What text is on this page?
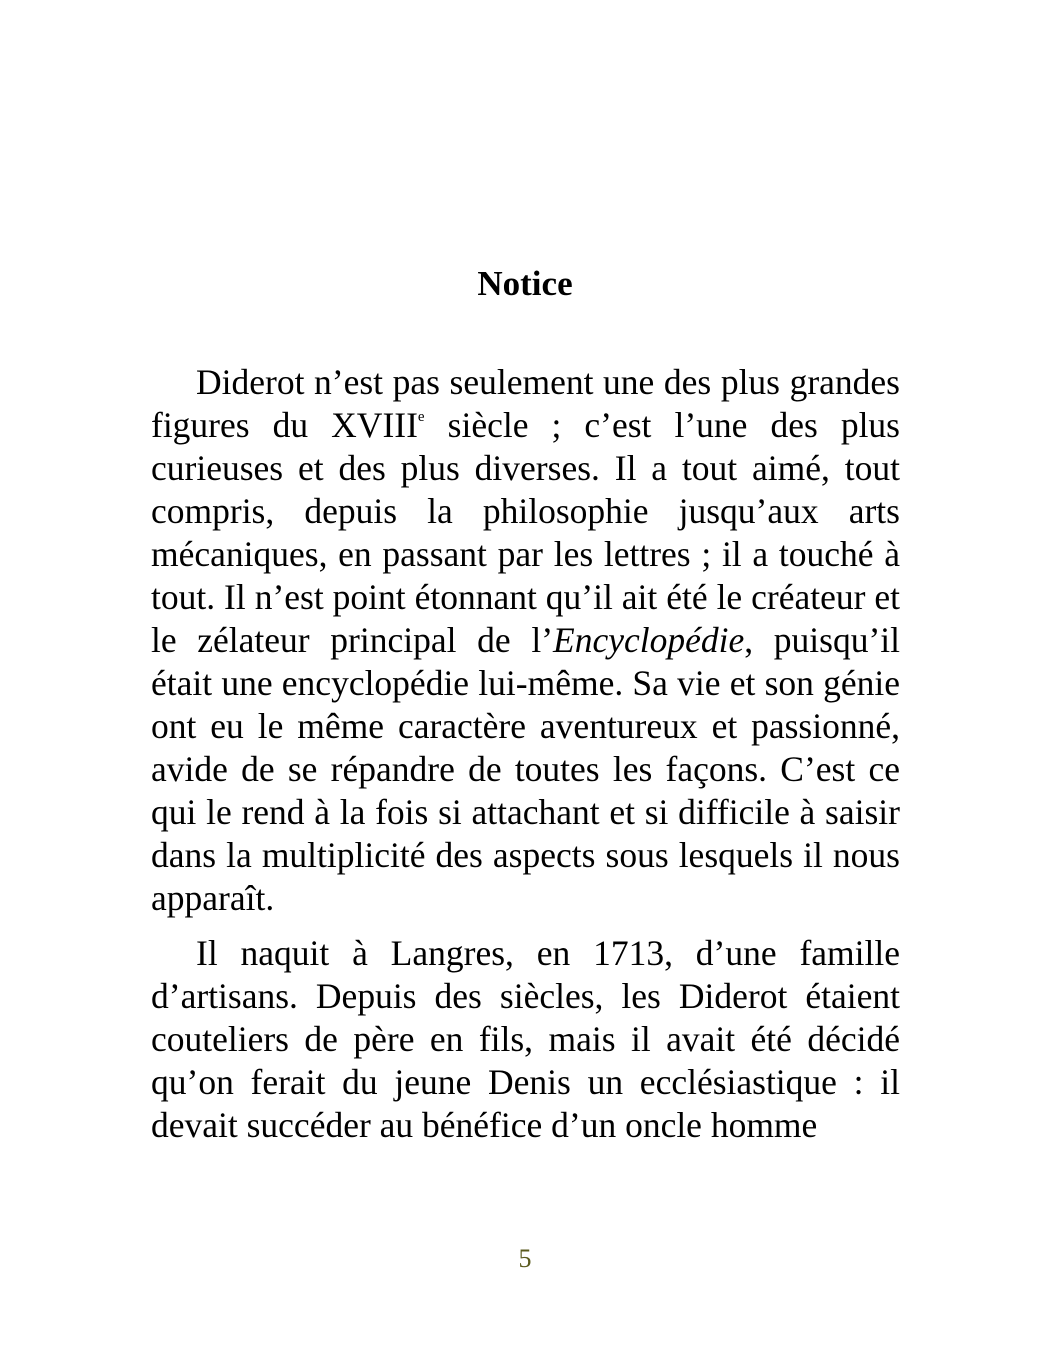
Notice

Diderot n’est pas seulement une des plus grandes figures du XVIIIe siècle ; c’est l’une des plus curieuses et des plus diverses. Il a tout aimé, tout compris, depuis la philosophie jusqu’aux arts mécaniques, en passant par les lettres ; il a touché à tout. Il n’est point étonnant qu’il ait été le créateur et le zélateur principal de l’Encyclopédie, puisqu’il était une encyclopédie lui-même. Sa vie et son génie ont eu le même caractère aventureux et passionné, avide de se répandre de toutes les façons. C’est ce qui le rend à la fois si attachant et si difficile à saisir dans la multiplicité des aspects sous lesquels il nous apparaît.

Il naquit à Langres, en 1713, d’une famille d’artisans. Depuis des siècles, les Diderot étaient couteliers de père en fils, mais il avait été décidé qu’on ferait du jeune Denis un ecclésiastique : il devait succéder au bénéfice d’un oncle homme

5
